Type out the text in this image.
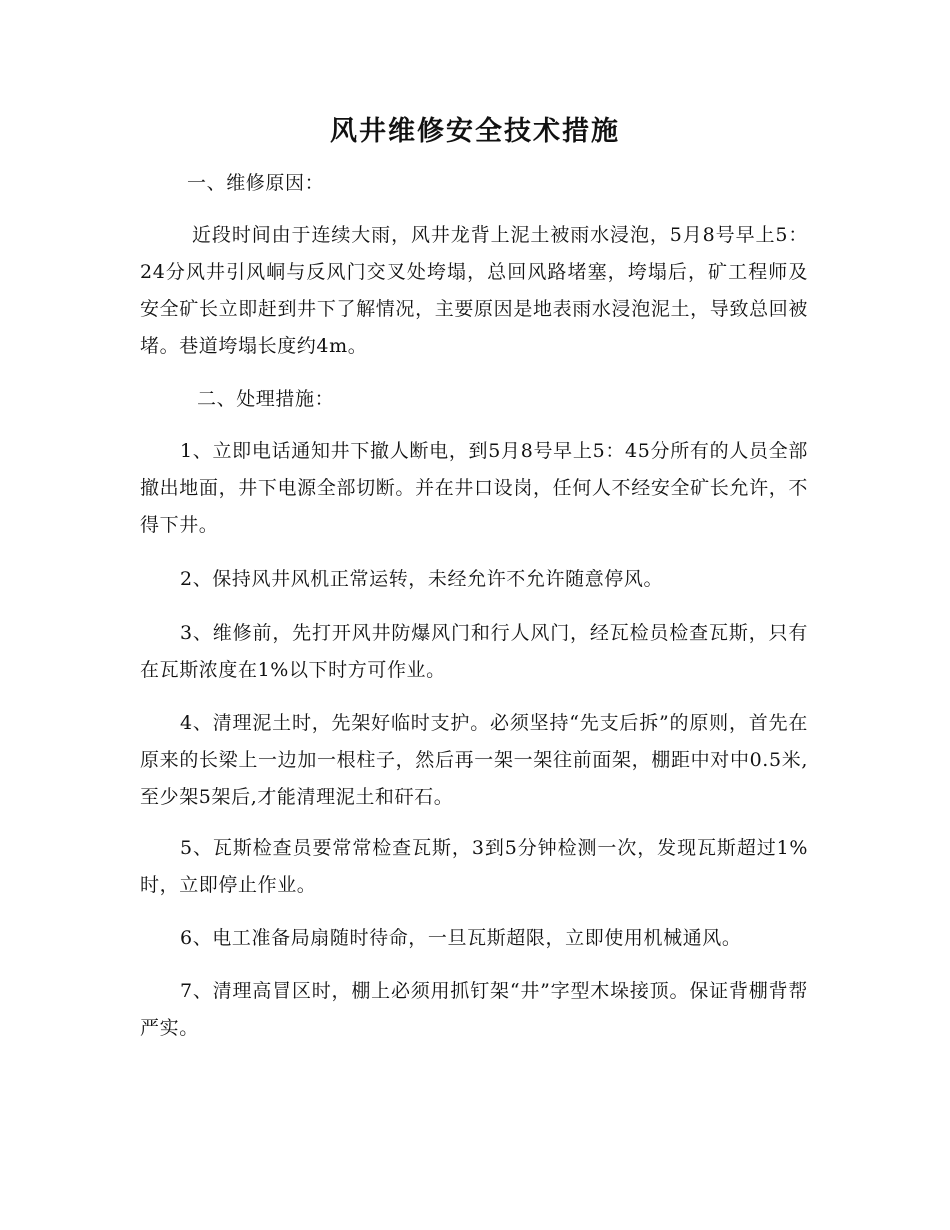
风井维修安全技术措施
一、维修原因：

近段时间由于连续大雨，风井龙背上泥土被雨水浸泡，5月8号早上5：24分风井引风峒与反风门交叉处垮塌，总回风路堵塞，垮塌后，矿工程师及安全矿长立即赶到井下了解情况，主要原因是地表雨水浸泡泥土，导致总回被堵。巷道垮塌长度约4m。

二、处理措施：

1、立即电话通知井下撤人断电，到5月8号早上5：45分所有的人员全部撤出地面，井下电源全部切断。并在井口设岗，任何人不经安全矿长允许，不得下井。

2、保持风井风机正常运转，未经允许不允许随意停风。

3、维修前，先打开风井防爆风门和行人风门，经瓦检员检查瓦斯，只有在瓦斯浓度在1%以下时方可作业。

4、清理泥土时，先架好临时支护。必须坚持“先支后拆”的原则，首先在原来的长梁上一边加一根柱子，然后再一架一架往前面架，棚距中对中0.5米,至少架5架后,才能清理泥土和矸石。

5、瓦斯检查员要常常检查瓦斯，3到5分钟检测一次，发现瓦斯超过1%时，立即停止作业。

6、电工准备局扇随时待命，一旦瓦斯超限，立即使用机械通风。

7、清理高冒区时，棚上必须用抓钉架“井”字型木垛接顶。保证背棚背帮严实。
